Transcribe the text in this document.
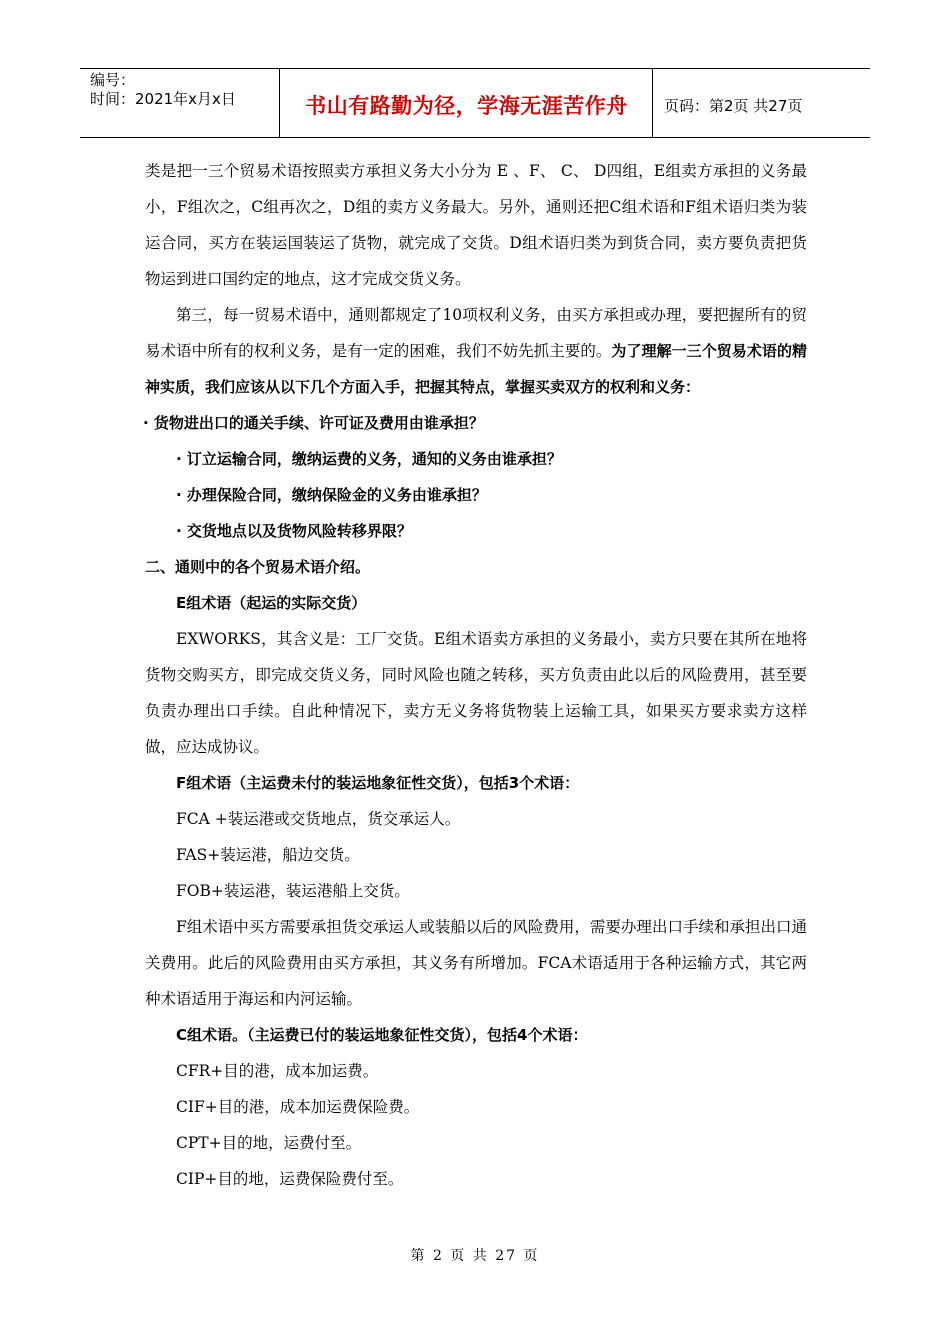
编号：
时间：2021年x月x日	书山有路勤为径，学海无涯苦作舟	页码：第2页 共27页

类是把一三个贸易术语按照卖方承担义务大小分为 E 、F、 C、 D四组，E组卖方承担的义务最小，F组次之，C组再次之，D组的卖方义务最大。另外，通则还把C组术语和F组术语归类为装运合同，买方在装运国装运了货物，就完成了交货。D组术语归类为到货合同，卖方要负责把货物运到进口国约定的地点，这才完成交货义务。

第三，每一贸易术语中，通则都规定了10项权利义务，由买方承担或办理，要把握所有的贸易术语中所有的权利义务，是有一定的困难，我们不妨先抓主要的。为了理解一三个贸易术语的精神实质，我们应该从以下几个方面入手，把握其特点，掌握买卖双方的权利和义务：

· 货物进出口的通关手续、许可证及费用由谁承担？

· 订立运输合同，缴纳运费的义务，通知的义务由谁承担？

· 办理保险合同，缴纳保险金的义务由谁承担？

· 交货地点以及货物风险转移界限？

二、通则中的各个贸易术语介绍。

E组术语（起运的实际交货）

EXWORKS，其含义是：工厂交货。E组术语卖方承担的义务最小，卖方只要在其所在地将货物交购买方，即完成交货义务，同时风险也随之转移，买方负责由此以后的风险费用，甚至要负责办理出口手续。自此种情况下，卖方无义务将货物装上运输工具，如果买方要求卖方这样做，应达成协议。

F组术语（主运费未付的装运地象征性交货），包括3个术语：

FCA +装运港或交货地点，货交承运人。

FAS+装运港，船边交货。

FOB+装运港，装运港船上交货。

F组术语中买方需要承担货交承运人或装船以后的风险费用，需要办理出口手续和承担出口通关费用。此后的风险费用由买方承担，其义务有所增加。FCA术语适用于各种运输方式，其它两种术语适用于海运和内河运输。

C组术语。（主运费已付的装运地象征性交货），包括4个术语：

CFR+目的港，成本加运费。

CIF+目的港，成本加运费保险费。

CPT+目的地，运费付至。

CIP+目的地，运费保险费付至。

第 2 页 共 27 页
